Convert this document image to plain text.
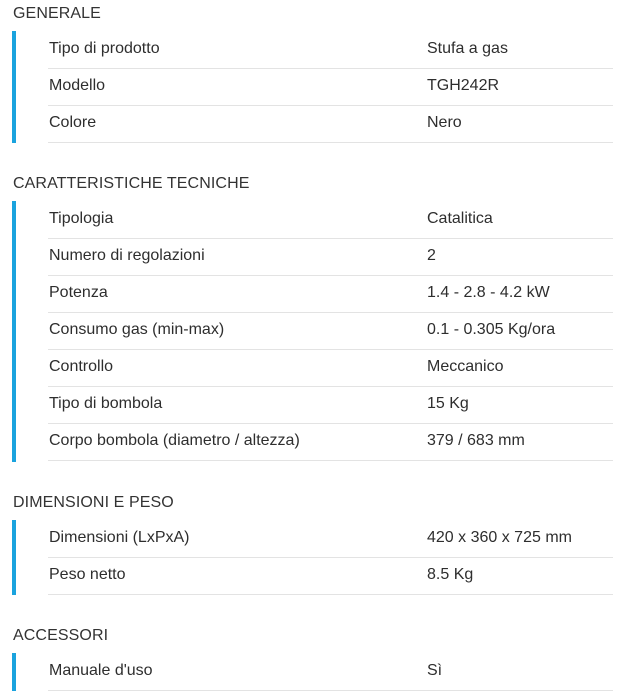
GENERALE
Tipo di prodotto	Stufa a gas
Modello	TGH242R
Colore	Nero
CARATTERISTICHE TECNICHE
Tipologia	Catalitica
Numero di regolazioni	2
Potenza	1.4 - 2.8 - 4.2 kW
Consumo gas (min-max)	0.1 - 0.305 Kg/ora
Controllo	Meccanico
Tipo di bombola	15 Kg
Corpo bombola (diametro / altezza)	379 / 683 mm
DIMENSIONI E PESO
Dimensioni (LxPxA)	420 x 360 x 725 mm
Peso netto	8.5 Kg
ACCESSORI
Manuale d'uso	Sì
